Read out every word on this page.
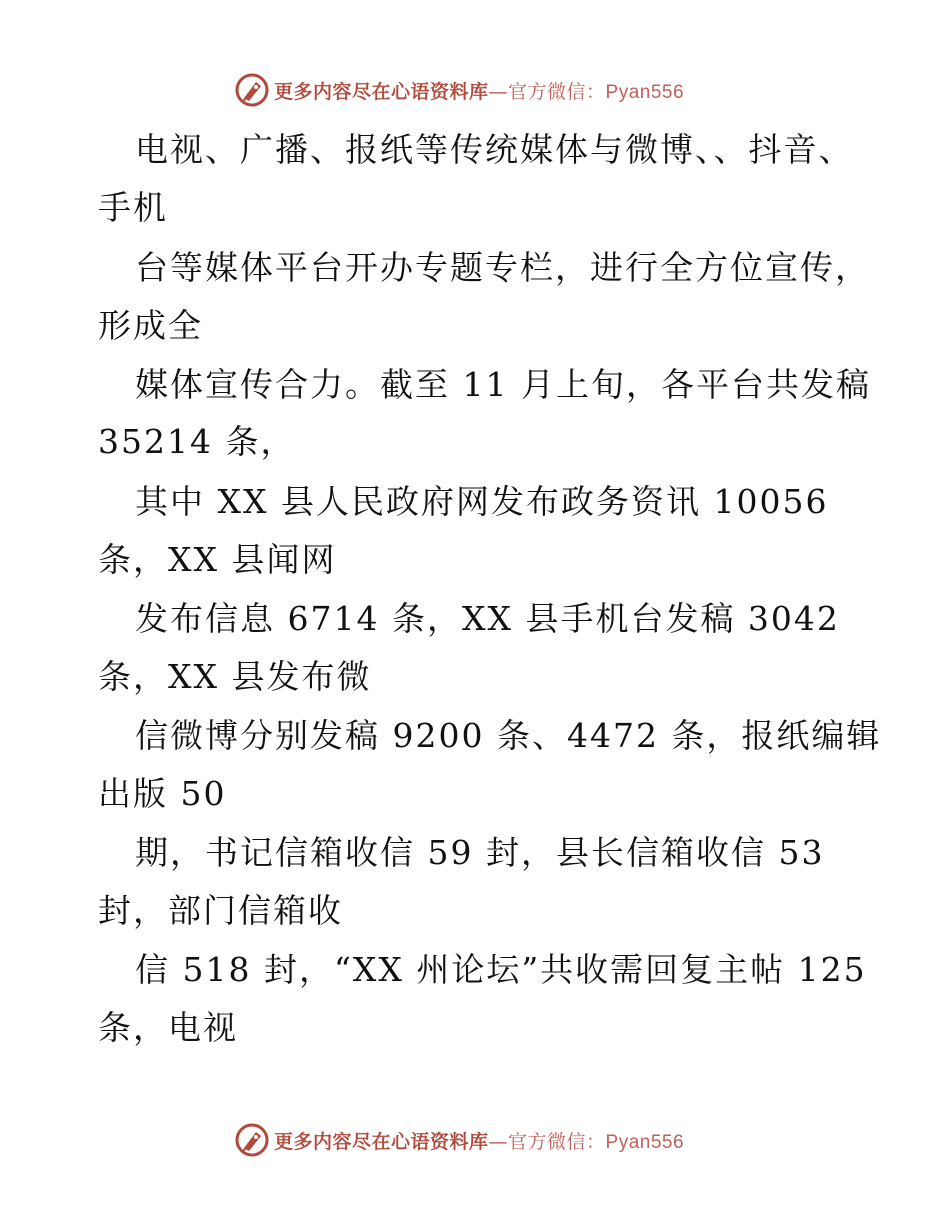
更多内容尽在心语资料库—官方微信：Pyan556
电视、广播、报纸等传统媒体与微博、、抖音、
手机
台等媒体平台开办专题专栏，进行全方位宣传，
形成全
媒体宣传合力。截至 11 月上旬，各平台共发稿
35214 条，
其中 XX 县人民政府网发布政务资讯 10056
条，XX 县闻网
发布信息 6714 条，XX 县手机台发稿 3042
条，XX 县发布微
信微博分别发稿 9200 条、4472 条，报纸编辑
出版 50
期，书记信箱收信 59 封，县长信箱收信 53
封，部门信箱收
信 518 封，“XX 州论坛”共收需回复主帖 125
条，电视
更多内容尽在心语资料库—官方微信：Pyan556
